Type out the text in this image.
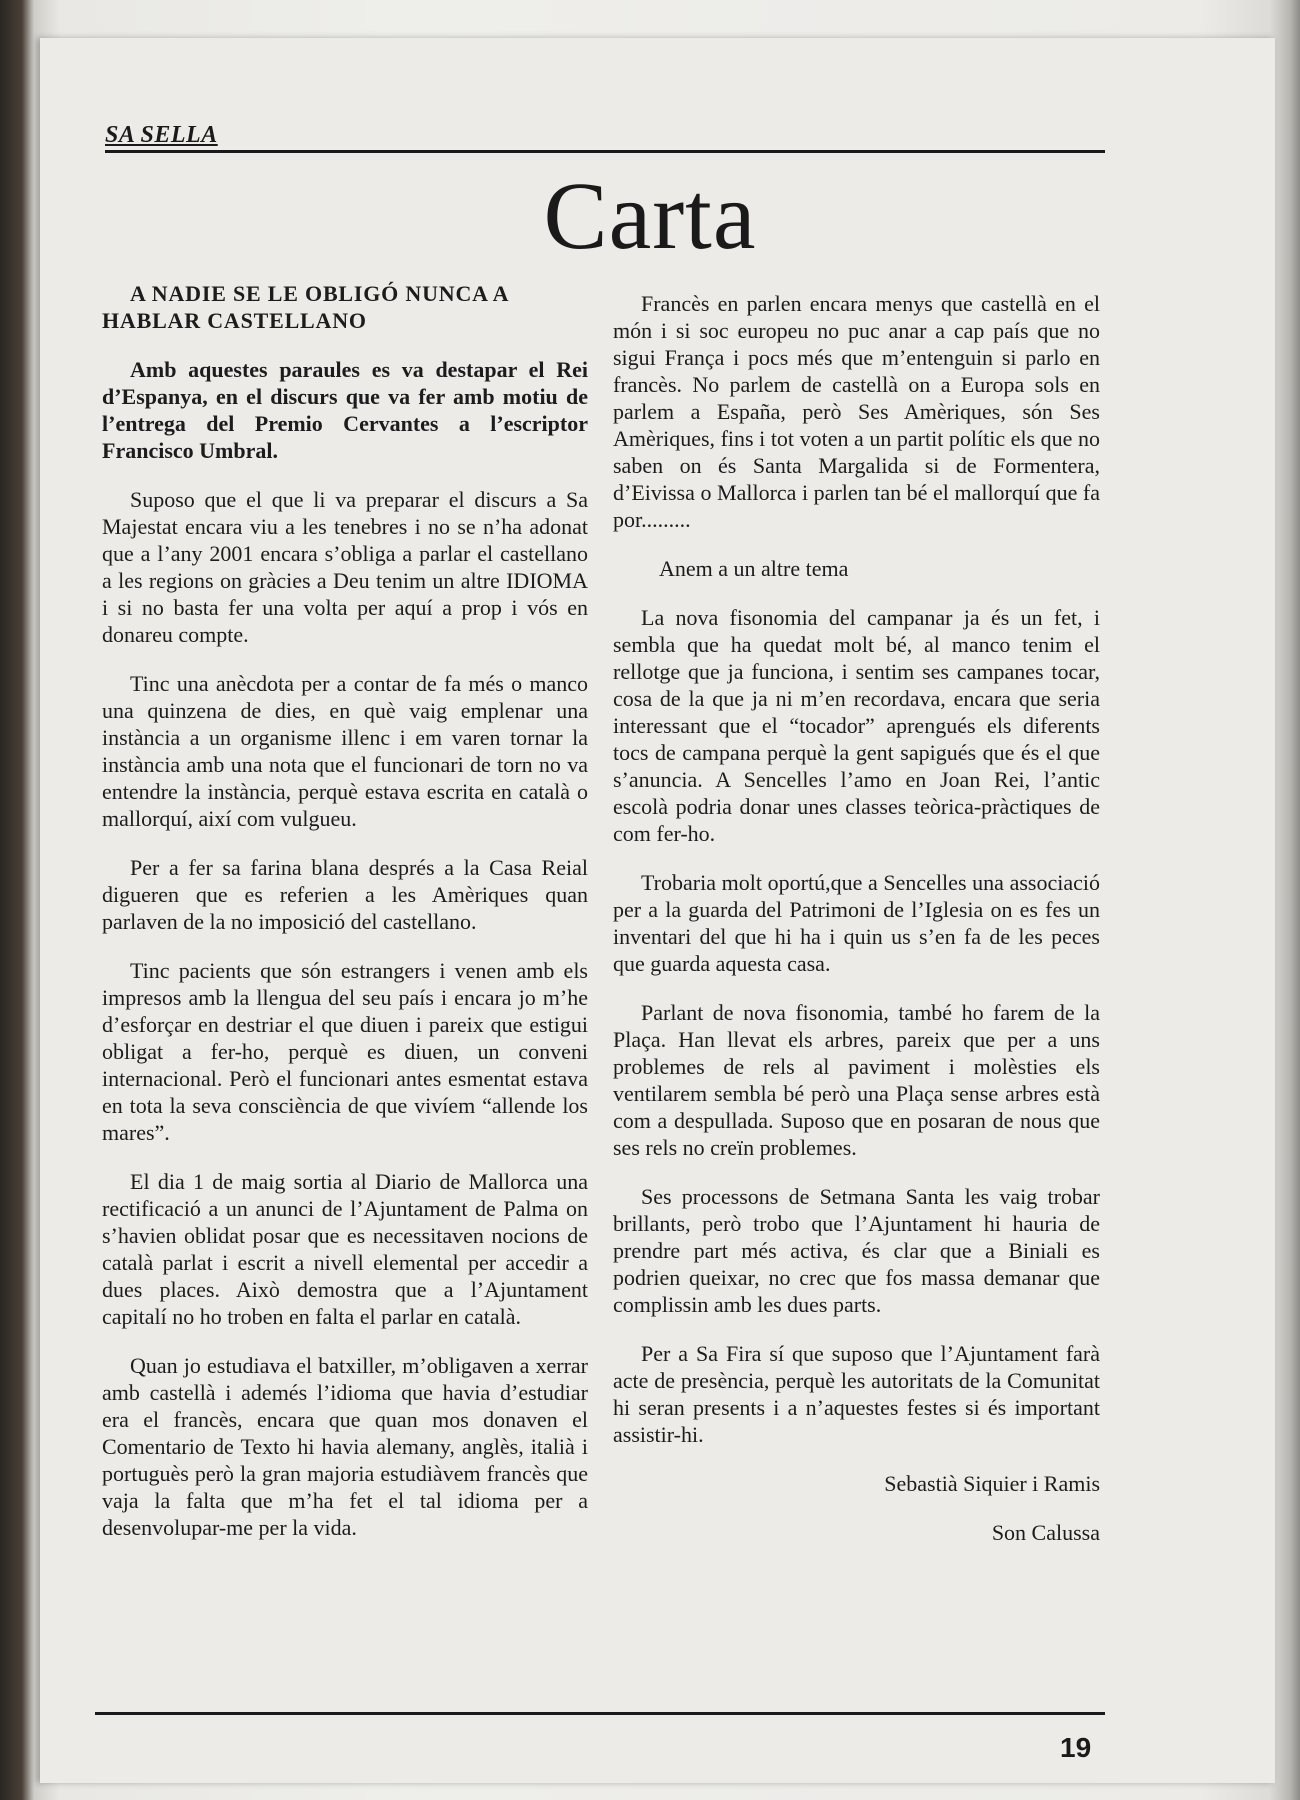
SA SELLA
Carta

A NADIE SE LE OBLIGÓ NUNCA A HABLAR CASTELLANO

Amb aquestes paraules es va destapar el Rei d’Espanya, en el discurs que va fer amb motiu de l’entrega del Premio Cervantes a l’escriptor Francisco Umbral.

Suposo que el que li va preparar el discurs a Sa Majestat encara viu a les tenebres i no se n’ha adonat que a l’any 2001 encara s’obliga a parlar el castellano a les regions on gràcies a Deu tenim un altre IDIOMA i si no basta fer una volta per aquí a prop i vós en donareu compte.

Tinc una anècdota per a contar de fa més o manco una quinzena de dies, en què vaig emplenar una instància a un organisme illenc i em varen tornar la instància amb una nota que el funcionari de torn no va entendre la instància, perquè estava escrita en català o mallorquí, així com vulgueu.

Per a fer sa farina blana després a la Casa Reial digueren que es referien a les Amèriques quan parlaven de la no imposició del castellano.

Tinc pacients que són estrangers i venen amb els impresos amb la llengua del seu país i encara jo m’he d’esforçar en destriar el que diuen i pareix que estigui obligat a fer-ho, perquè es diuen, un conveni internacional. Però el funcionari antes esmentat estava en tota la seva consciència de que vivíem “allende los mares”.

El dia 1 de maig sortia al Diario de Mallorca una rectificació a un anunci de l’Ajuntament de Palma on s’havien oblidat posar que es necessitaven nocions de català parlat i escrit a nivell elemental per accedir a dues places. Això demostra que a l’Ajuntament capitalí no ho troben en falta el parlar en català.

Quan jo estudiava el batxiller, m’obligaven a xerrar amb castellà i ademés l’idioma que havia d’estudiar era el francès, encara que quan mos donaven el Comentario de Texto hi havia alemany, anglès, italià i portuguès però la gran majoria estudiàvem francès que vaja la falta que m’ha fet el tal idioma per a desenvolupar-me per la vida.

Francès en parlen encara menys que castellà en el món i si soc europeu no puc anar a cap país que no sigui França i pocs més que m’entenguin si parlo en francès. No parlem de castellà on a Europa sols en parlem a España, però Ses Amèriques, són Ses Amèriques, fins i tot voten a un partit polític els que no saben on és Santa Margalida si de Formentera, d’Eivissa o Mallorca i parlen tan bé el mallorquí que fa por.........

Anem a un altre tema

La nova fisonomia del campanar ja és un fet, i sembla que ha quedat molt bé, al manco tenim el rellotge que ja funciona, i sentim ses campanes tocar, cosa de la que ja ni m’en recordava, encara que seria interessant que el “tocador” aprengués els diferents tocs de campana perquè la gent sapigués que és el que s’anuncia. A Sencelles l’amo en Joan Rei, l’antic escolà podria donar unes classes teòrica-pràctiques de com fer-ho.

Trobaria molt oportú,que a Sencelles una associació per a la guarda del Patrimoni de l’Iglesia on es fes un inventari del que hi ha i quin us s’en fa de les peces que guarda aquesta casa.

Parlant de nova fisonomia, també ho farem de la Plaça. Han llevat els arbres, pareix que per a uns problemes de rels al paviment i molèsties els ventilarem sembla bé però una Plaça sense arbres està com a despullada. Suposo que en posaran de nous que ses rels no creïn problemes.

Ses processons de Setmana Santa les vaig trobar brillants, però trobo que l’Ajuntament hi hauria de prendre part més activa, és clar que a Biniali es podrien queixar, no crec que fos massa demanar que complissin amb les dues parts.

Per a Sa Fira sí que suposo que l’Ajuntament farà acte de presència, perquè les autoritats de la Comunitat hi seran presents i a n’aquestes festes si és important assistir-hi.

Sebastià Siquier i Ramis

Son Calussa

19
